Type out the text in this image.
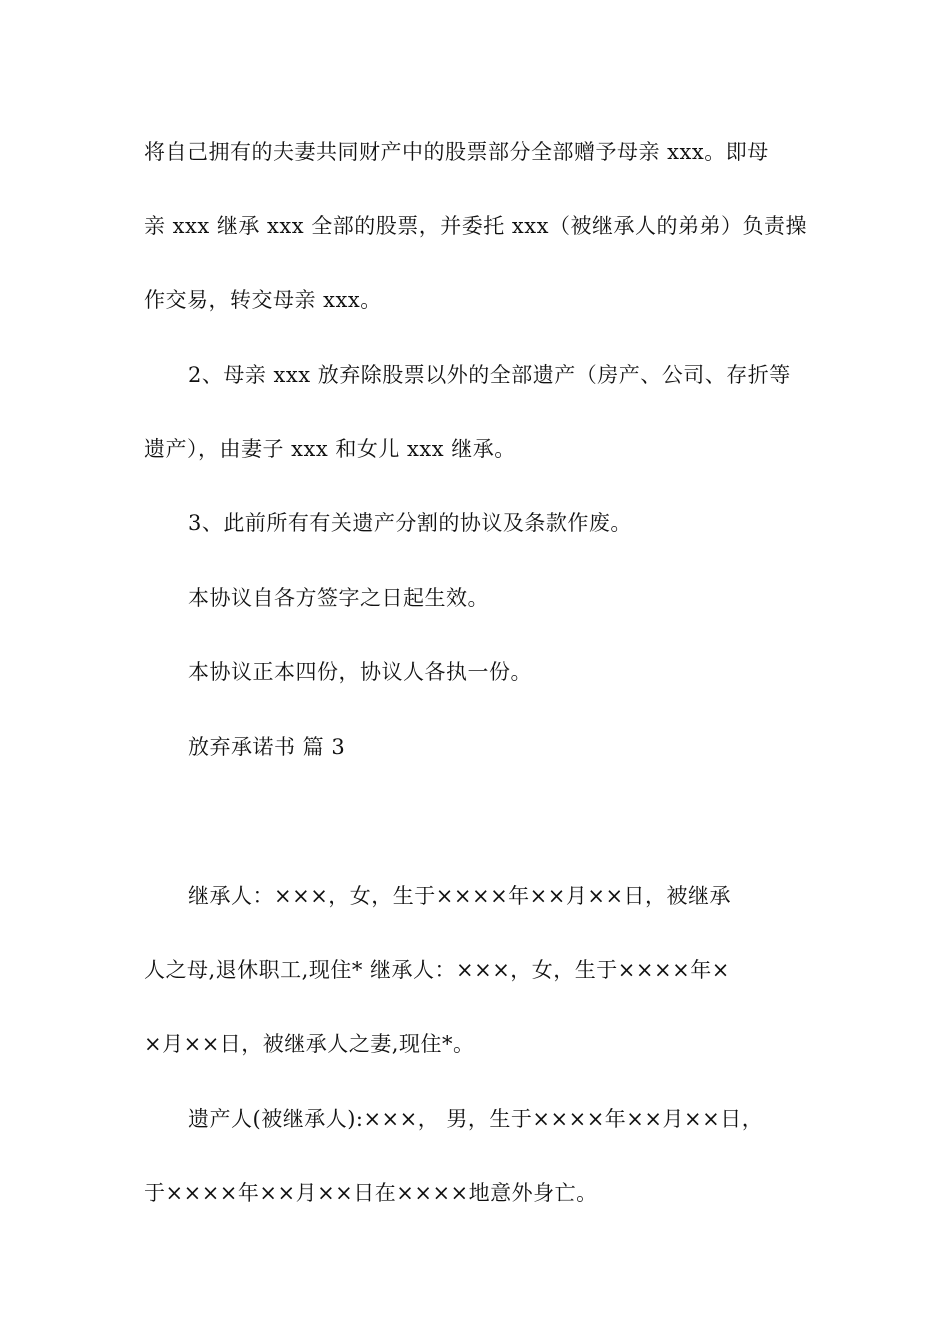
将自己拥有的夫妻共同财产中的股票部分全部赠予母亲 xxx。即母
亲 xxx 继承 xxx 全部的股票，并委托 xxx（被继承人的弟弟）负责操
作交易，转交母亲 xxx。
2、母亲 xxx 放弃除股票以外的全部遗产（房产、公司、存折等
遗产），由妻子 xxx 和女儿 xxx 继承。
3、此前所有有关遗产分割的协议及条款作废。
本协议自各方签字之日起生效。
本协议正本四份，协议人各执一份。
放弃承诺书 篇 3
继承人：×××，女，生于××××年××月××日，被继承
人之母,退休职工,现住* 继承人：×××，女，生于××××年×
×月××日，被继承人之妻,现住*。
遗产人(被继承人):×××， 男，生于××××年××月××日，
于××××年××月××日在××××地意外身亡。
